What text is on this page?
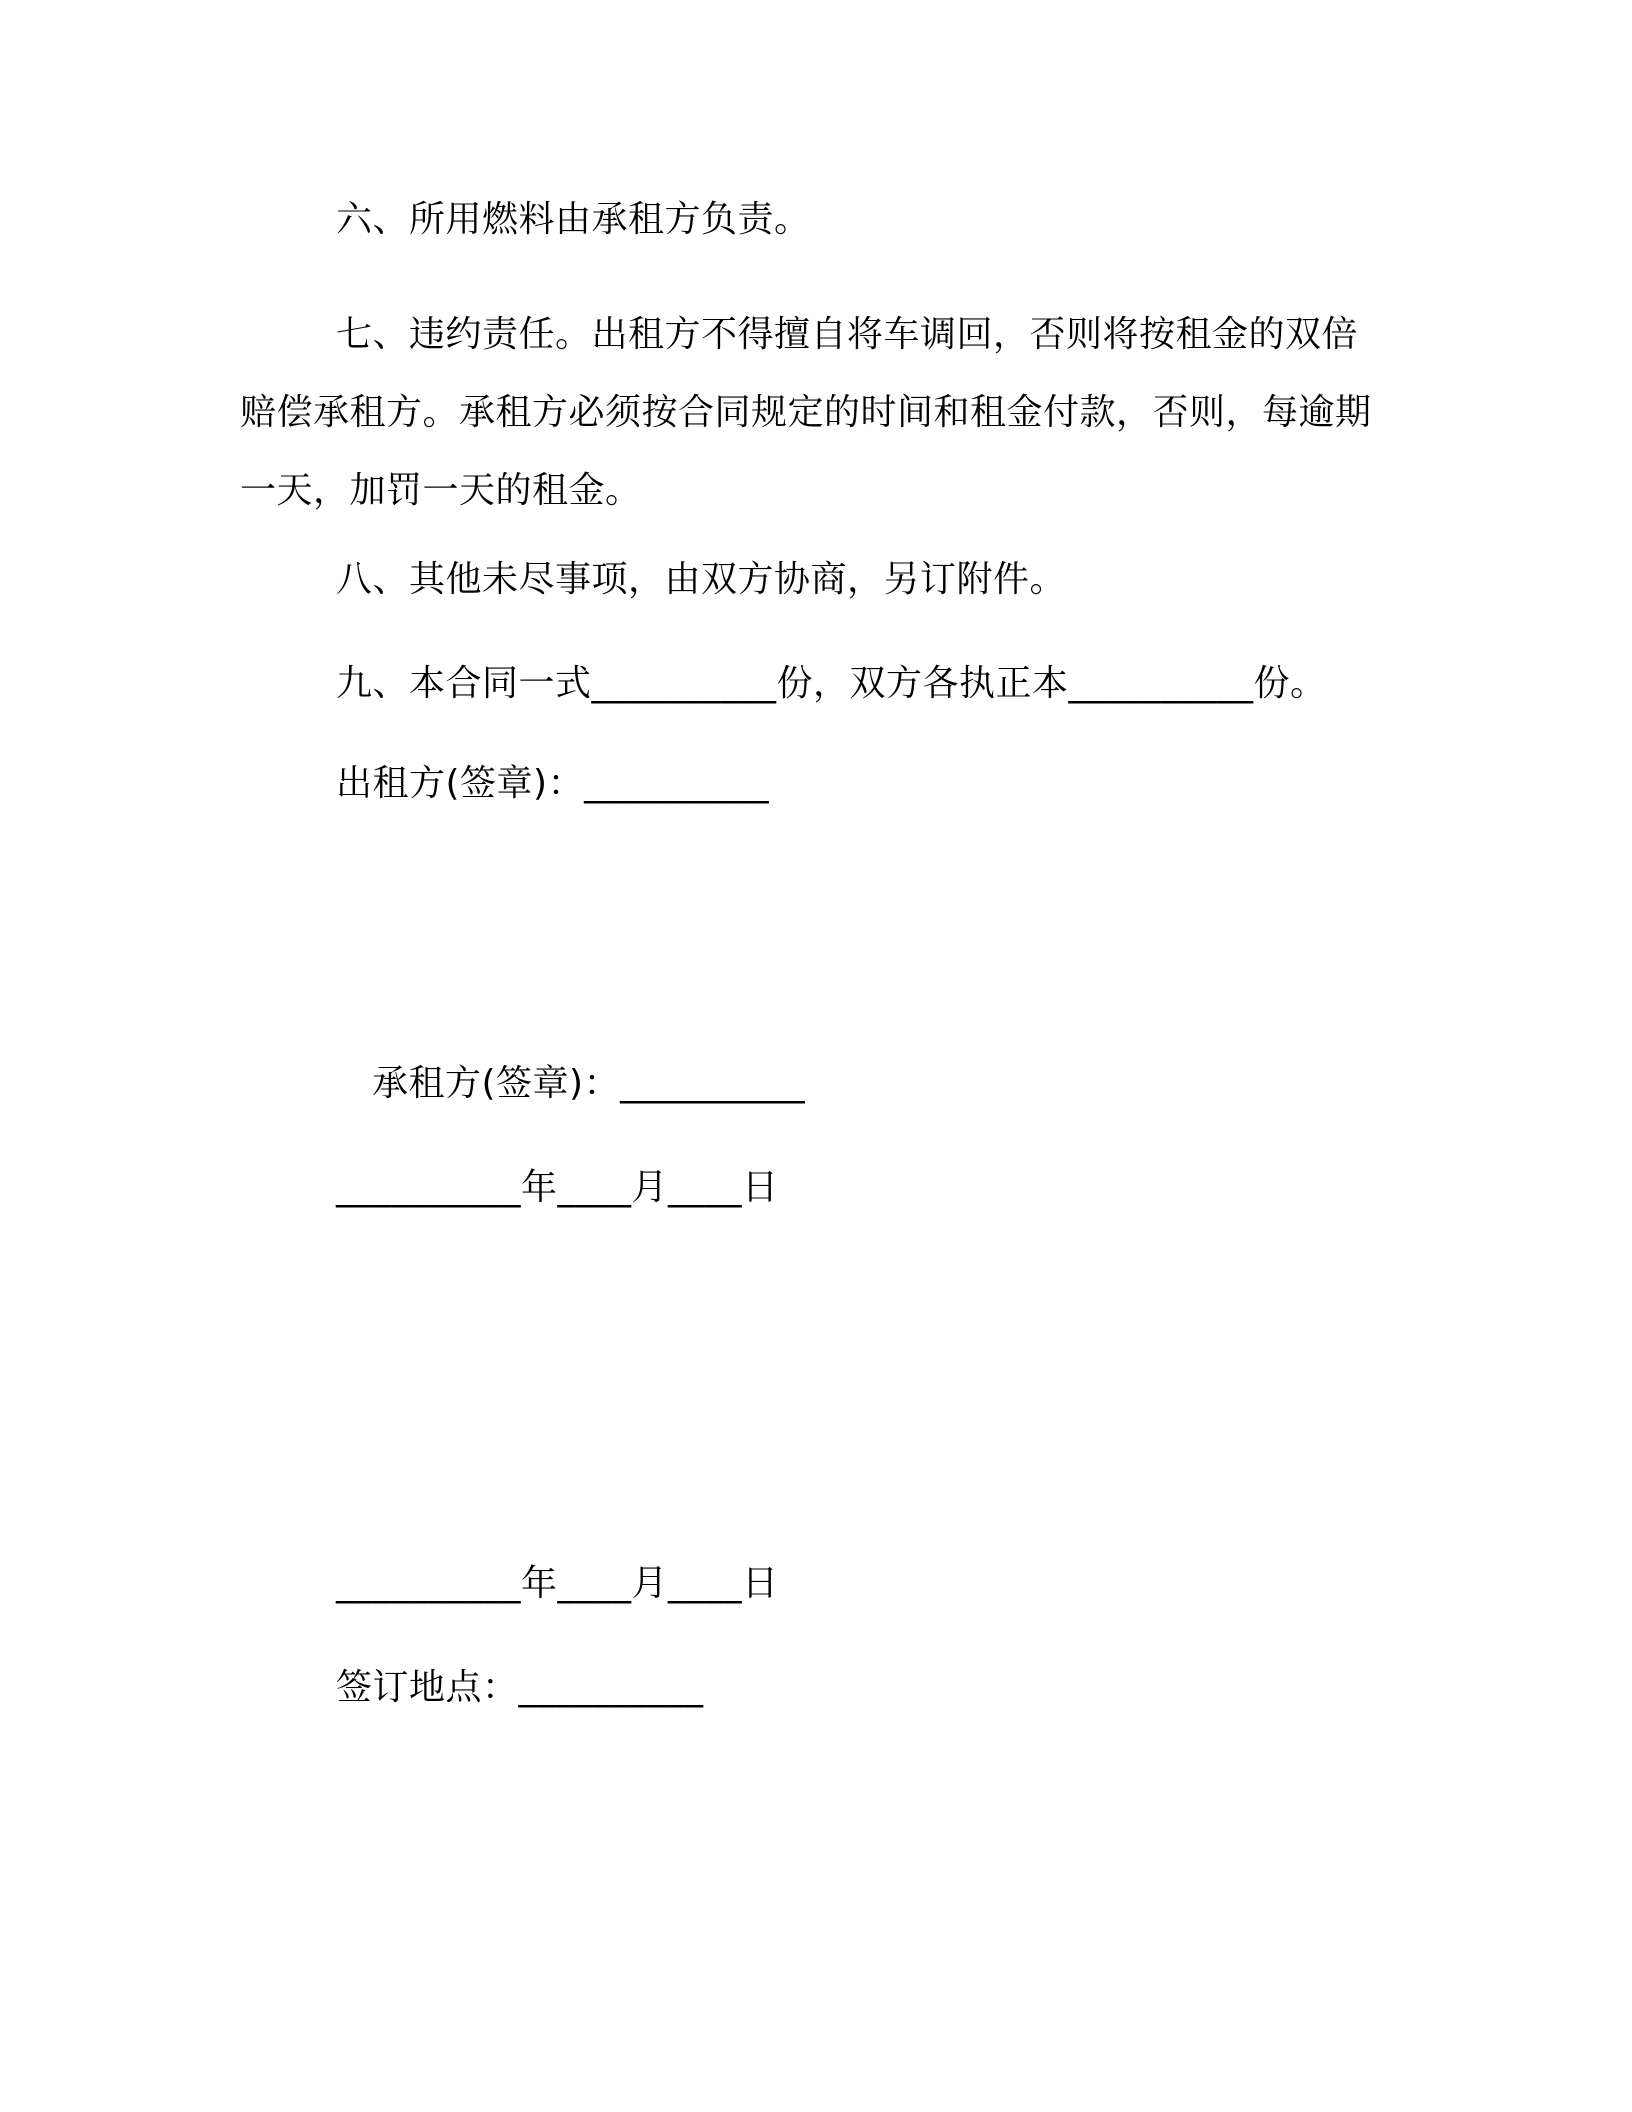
六、所用燃料由承租方负责。
七、违约责任。出租方不得擅自将车调回，否则将按租金的双倍赔偿承租方。承租方必须按合同规定的时间和租金付款，否则，每逾期一天，加罚一天的租金。
八、其他未尽事项，由双方协商，另订附件。
九、本合同一式__________份，双方各执正本__________份。
出租方(签章)：__________
承租方(签章)：__________
__________年____月____日
__________年____月____日
签订地点：__________
